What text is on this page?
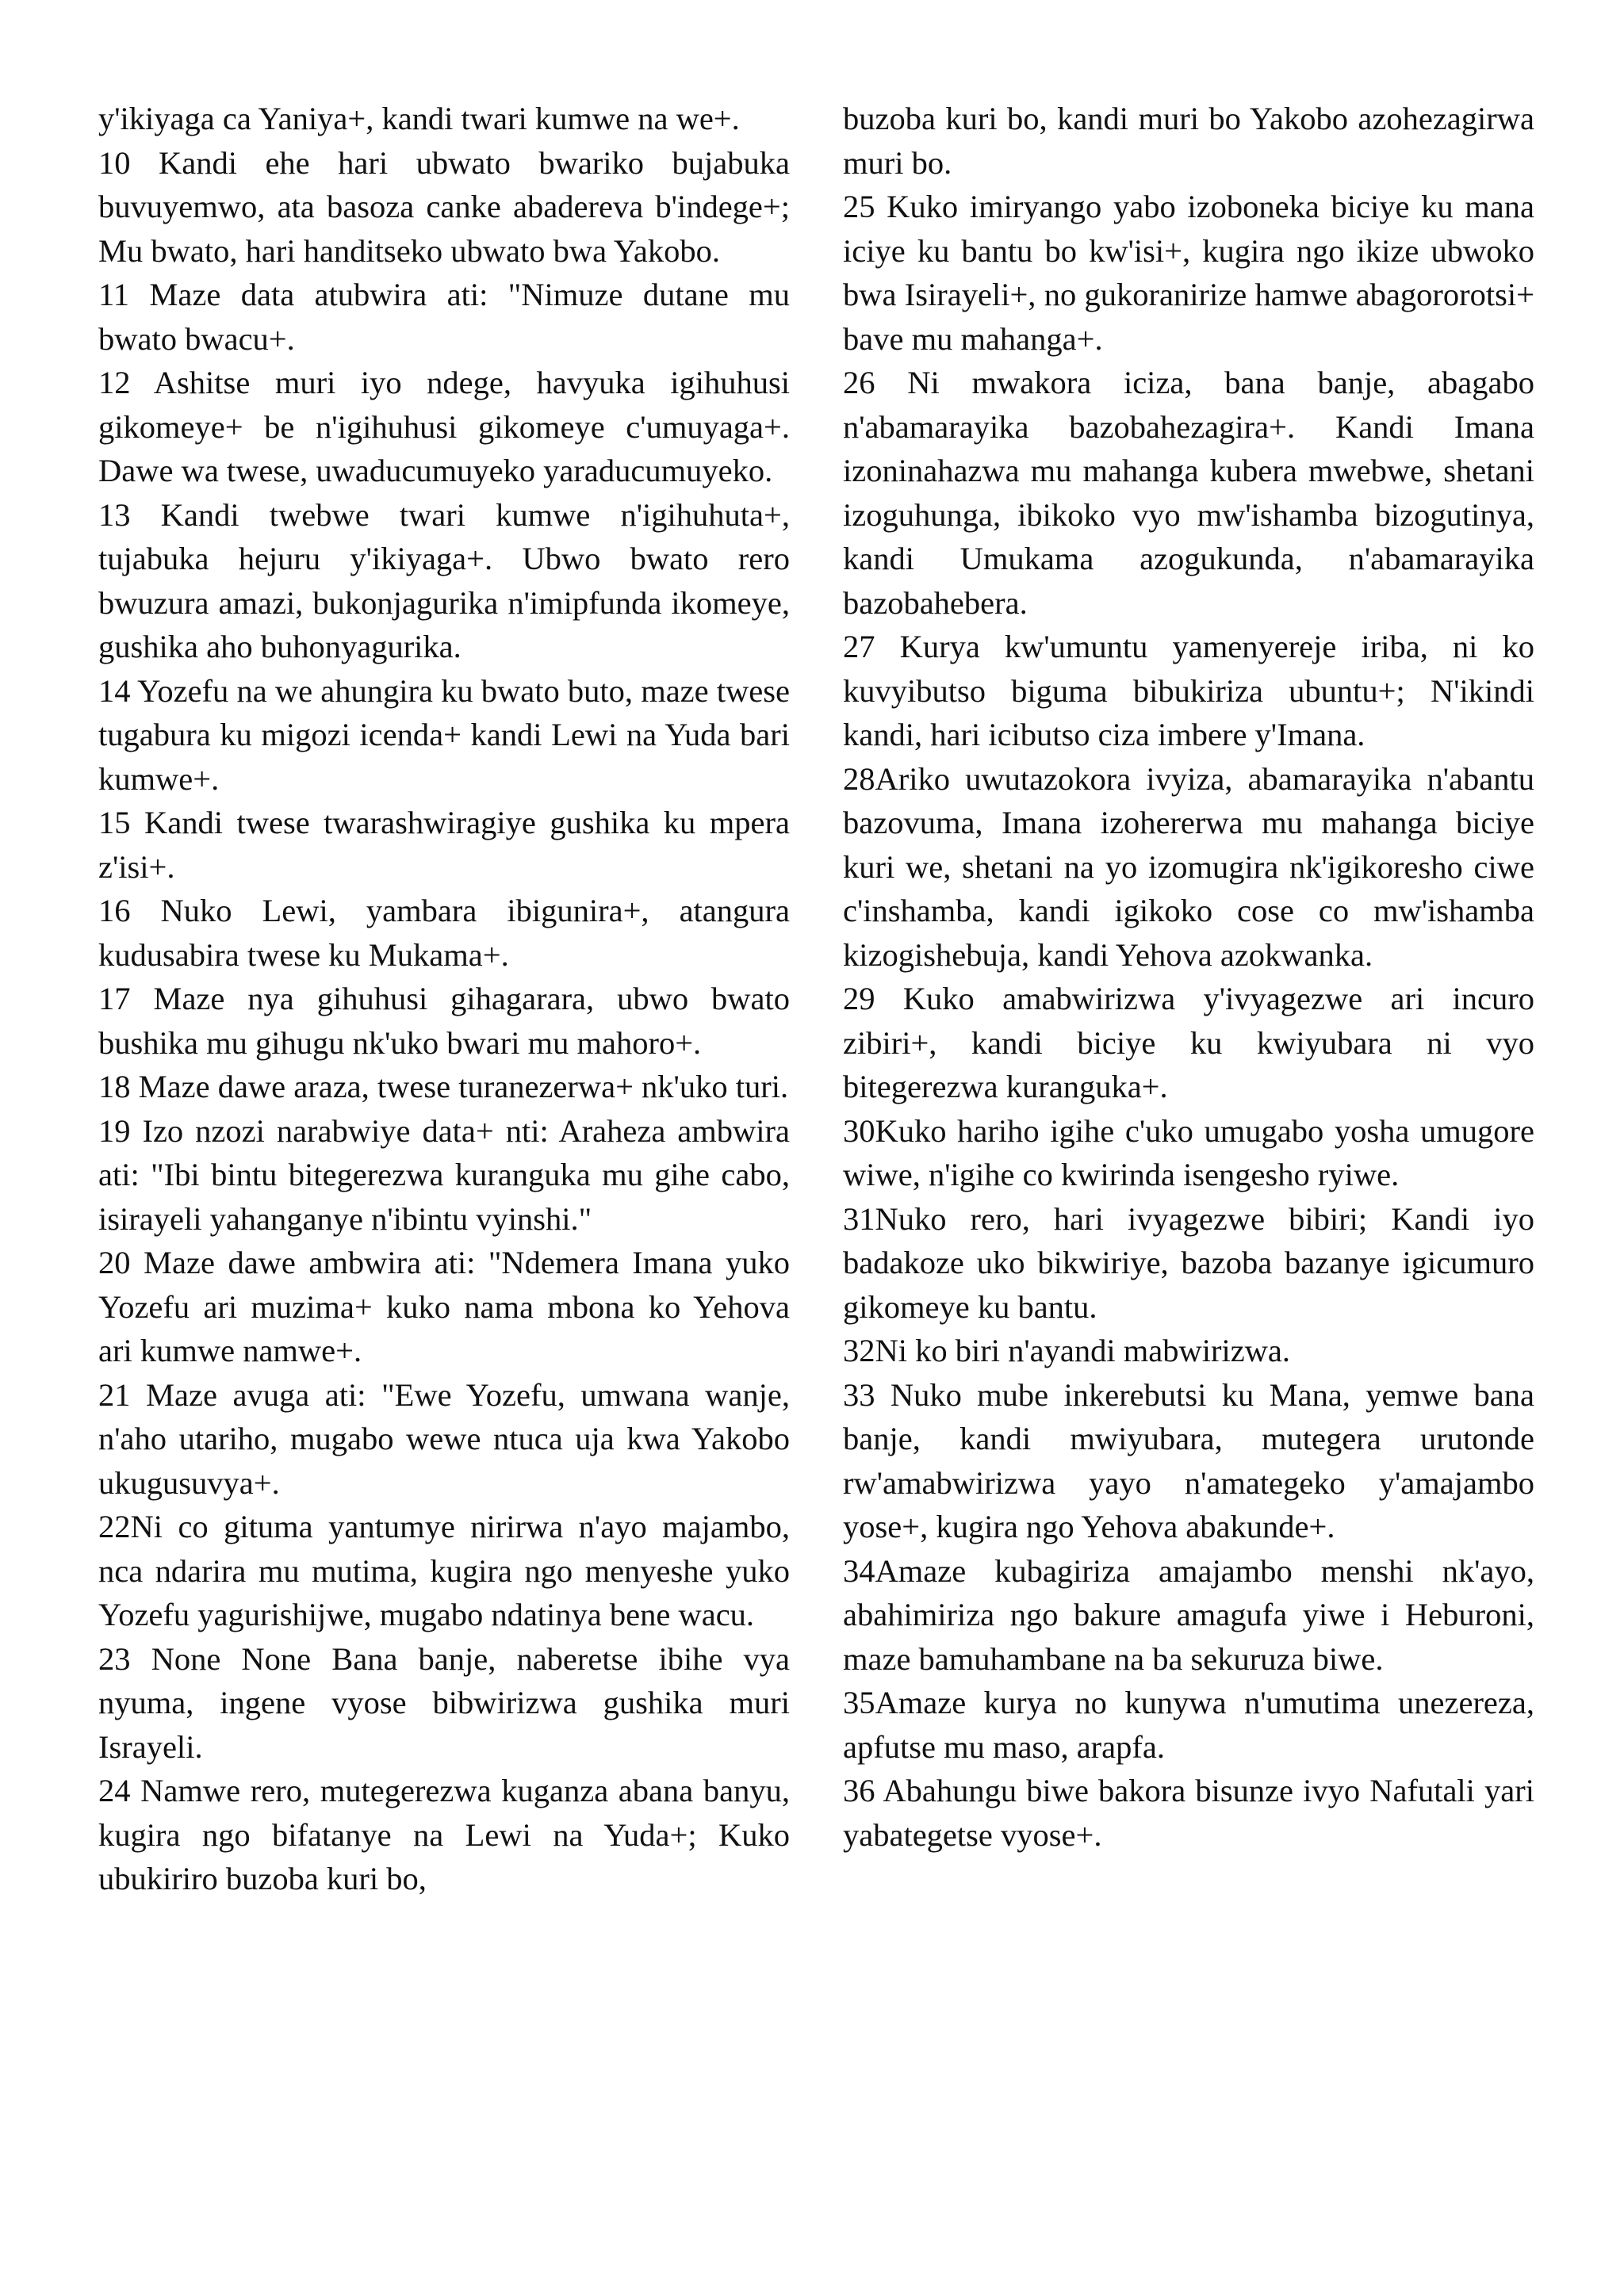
y'ikiyaga ca Yaniya+, kandi twari kumwe na we+.

10 Kandi ehe hari ubwato bwariko bujabuka buvuyemwo, ata basoza canke abadereva b'indege+; Mu bwato, hari handitseko ubwato bwa Yakobo.

11 Maze data atubwira ati: "Nimuze dutane mu bwato bwacu+.

12 Ashitse muri iyo ndege, havyuka igihuhusi gikomeye+ be n'igihuhusi gikomeye c'umuyaga+. Dawe wa twese, uwaducumuyeko yaraducumuyeko.

13 Kandi twebwe twari kumwe n'igihuhuta+, tujabuka hejuru y'ikiyaga+. Ubwo bwato rero bwuzura amazi, bukonjagurika n'imipfunda ikomeye, gushika aho buhonyagurika.

14 Yozefu na we ahungira ku bwato buto, maze twese tugabura ku migozi icenda+ kandi Lewi na Yuda bari kumwe+.

15 Kandi twese twarashwiragiye gushika ku mpera z'isi+.

16 Nuko Lewi, yambara ibigunira+, atangura kudusabira twese ku Mukama+.

17 Maze nya gihuhusi gihagarara, ubwo bwato bushika mu gihugu nk'uko bwari mu mahoro+.

18 Maze dawe araza, twese turanezerwa+ nk'uko turi.

19 Izo nzozi narabwiye data+ nti: Araheza ambwira ati: "Ibi bintu bitegerezwa kuranguka mu gihe cabo, isirayeli yahanganye n'ibintu vyinshi."

20 Maze dawe ambwira ati: "Ndemera Imana yuko Yozefu ari muzima+ kuko nama mbona ko Yehova ari kumwe namwe+.

21 Maze avuga ati: "Ewe Yozefu, umwana wanje, n'aho utariho, mugabo wewe ntuca uja kwa Yakobo ukugusuvya+.

22Ni co gituma yantumye nirirwa n'ayo majambo, nca ndarira mu mutima, kugira ngo menyeshe yuko Yozefu yagurishijwe, mugabo ndatinya bene wacu.

23 None None Bana banje, naberetse ibihe vya nyuma, ingene vyose bibwirizwa gushika muri Israyeli.

24 Namwe rero, mutegerezwa kuganza abana banyu, kugira ngo bifatanye na Lewi na Yuda+; Kuko ubukiriro buzoba kuri bo,

buzoba kuri bo, kandi muri bo Yakobo azohezagirwa muri bo.

25 Kuko imiryango yabo izoboneka biciye ku mana iciye ku bantu bo kw'isi+, kugira ngo ikize ubwoko bwa Isirayeli+, no gukoranirize hamwe abagororotsi+ bave mu mahanga+.

26 Ni mwakora iciza, bana banje, abagabo n'abamarayika bazobahezagira+. Kandi Imana izoninahazwa mu mahanga kubera mwebwe, shetani izoguhunga, ibikoko vyo mw'ishamba bizogutinya, kandi Umukama azogukunda, n'abamarayika bazobahebera.

27 Kurya kw'umuntu yamenyereje iriba, ni ko kuvyibutso biguma bibukiriza ubuntu+; N'ikindi kandi, hari icibutso ciza imbere y'Imana.

28Ariko uwutazokora ivyiza, abamarayika n'abantu bazovuma, Imana izohererwa mu mahanga biciye kuri we, shetani na yo izomugira nk'igikoresho ciwe c'inshamba, kandi igikoko cose co mw'ishamba kizogishebuja, kandi Yehova azokwanka.

29 Kuko amabwirizwa y'ivyagezwe ari incuro zibiri+, kandi biciye ku kwiyubara ni vyo bitegerezwa kuranguka+.

30Kuko hariho igihe c'uko umugabo yosha umugore wiwe, n'igihe co kwirinda isengesho ryiwe.

31Nuko rero, hari ivyagezwe bibiri; Kandi iyo badakoze uko bikwiriye, bazoba bazanye igicumuro gikomeye ku bantu.

32Ni ko biri n'ayandi mabwirizwa.

33 Nuko mube inkerebutsi ku Mana, yemwe bana banje, kandi mwiyubara, mutegera urutonde rw'amabwirizwa yayo n'amategeko y'amajambo yose+, kugira ngo Yehova abakunde+.

34Amaze kubagiriza amajambo menshi nk'ayo, abahimiriza ngo bakure amagufa yiwe i Heburoni, maze bamuhambane na ba sekuruza biwe.

35Amaze kurya no kunywa n'umutima unezereza, apfutse mu maso, arapfa.

36 Abahungu biwe bakora bisunze ivyo Nafutali yari yabategetse vyose+.
